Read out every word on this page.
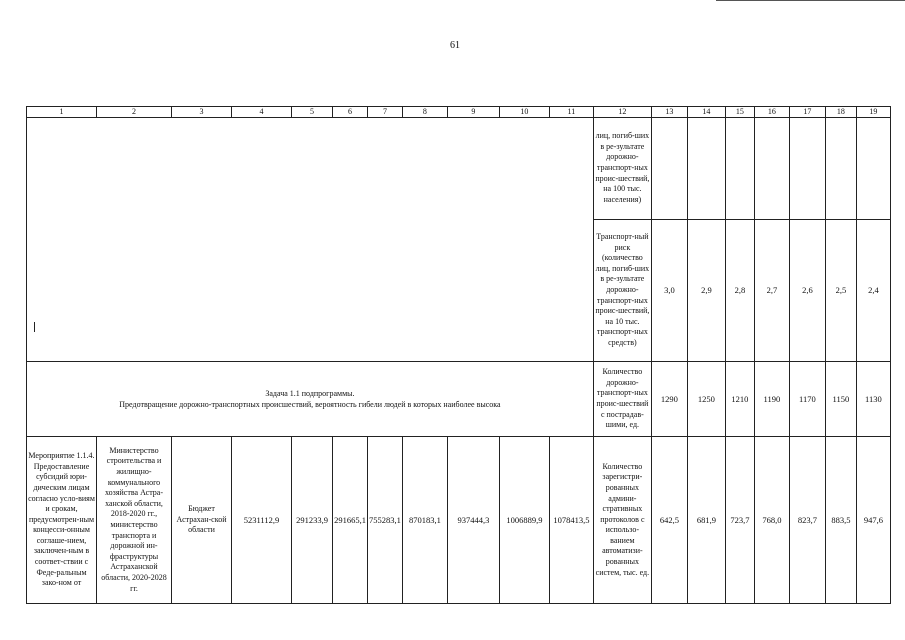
61
1	2	3	4	5	6	7	8	9	10	11	12	13	14	15	16	17	18	19
											лиц, погиб-ших в ре-зультате дорожно-транспорт-ных проис-шествий, на 100 тыс. населения)							
											Транспорт-ный риск (количество лиц, погиб-ших в ре-зультате дорожно-транспорт-ных проис-шествий, на 10 тыс. транспорт-ных средств)	3,0	2,9	2,8	2,7	2,6	2,5	2,4

Задача 1.1 подпрограммы.
Предотвращение дорожно-транспортных происшествий, вероятность гибели людей в которых наиболее высока											Количество дорожно-транспорт-ных проис-шествий с пострадав-шими, ед.	1290	1250	1210	1190	1170	1150	1130
Мероприятие 1.1.4. Предоставление субсидий юри-дическим лицам согласно усло-виям и срокам, предусмотрен-ным концесси-онным соглаше-нием, заключен-ным в соответ-ствии с Феде-ральным зако-ном от	Министерство строительства и жилищно-коммунального хозяйства Астра-ханской области, 2018-2020 гг., министерство транспорта и дорожной ин-фраструктуры Астраханской области, 2020-2028 гг.	Бюджет Астрахан-ской области	5231112,9	291233,9	291665,1	755283,1	870183,1	937444,3	1006889,9	1078413,5	Количество зарегистри-рованных админи-стративных протоколов с использо-ванием автоматизи-рованных систем, тыс. ед.	642,5	681,9	723,7	768,0	823,7	883,5	947,6
